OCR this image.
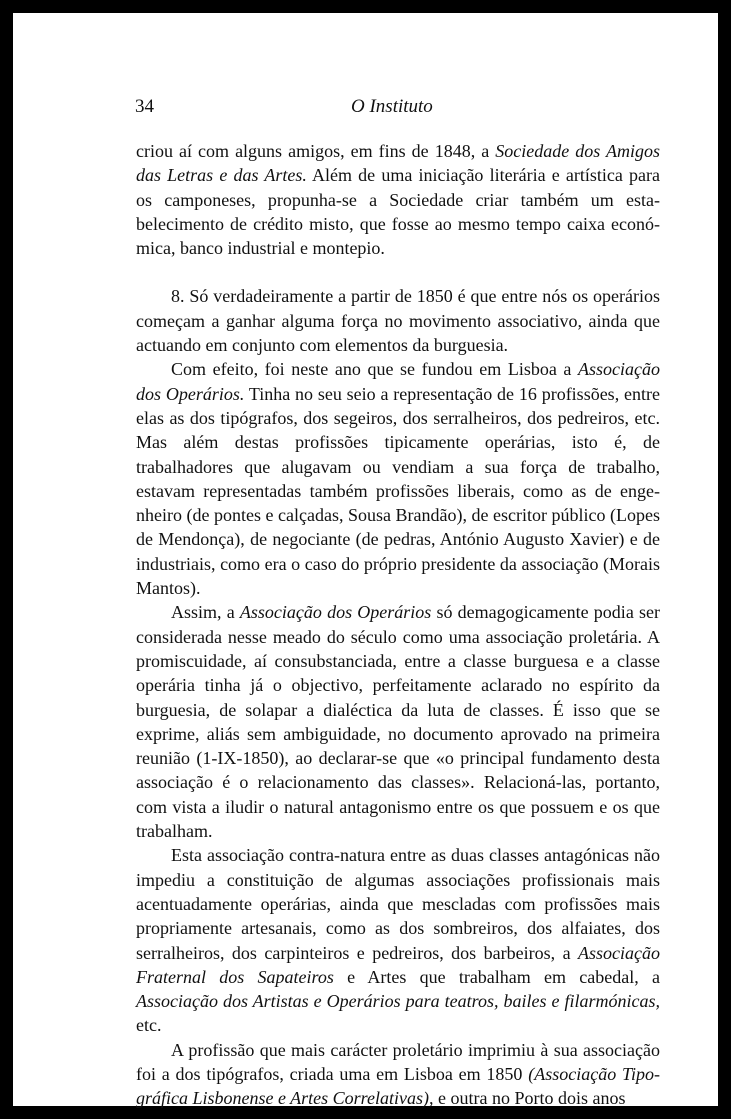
34	O Instituto

criou aí com alguns amigos, em fins de 1848, a Sociedade dos Amigos das Letras e das Artes. Além de uma iniciação literária e artística para os camponeses, propunha-se a Sociedade criar também um estabelecimento de crédito misto, que fosse ao mesmo tempo caixa económica, banco industrial e montepio.

8. Só verdadeiramente a partir de 1850 é que entre nós os operários começam a ganhar alguma força no movimento associativo, ainda que actuando em conjunto com elementos da burguesia.

Com efeito, foi neste ano que se fundou em Lisboa a Associação dos Operários. Tinha no seu seio a representação de 16 profissões, entre elas as dos tipógrafos, dos segeiros, dos serralheiros, dos pedreiros, etc. Mas além destas profissões tipicamente operárias, isto é, de trabalhadores que alugavam ou vendiam a sua força de trabalho, estavam representadas também profissões liberais, como as de engenheiro (de pontes e calçadas, Sousa Brandão), de escritor público (Lopes de Mendonça), de negociante (de pedras, António Augusto Xavier) e de industriais, como era o caso do próprio presidente da associação (Morais Mantos).

Assim, a Associação dos Operários só demagogicamente podia ser considerada nesse meado do século como uma associação proletária. A promiscuidade, aí consubstanciada, entre a classe burguesa e a classe operária tinha já o objectivo, perfeitamente aclarado no espírito da burguesia, de solapar a dialéctica da luta de classes. É isso que se exprime, aliás sem ambiguidade, no documento aprovado na primeira reunião (1-IX-1850), ao declarar-se que «o principal fundamento desta associação é o relacionamento das classes». Relacioná-las, portanto, com vista a iludir o natural antagonismo entre os que possuem e os que trabalham.

Esta associação contra-natura entre as duas classes antagónicas não impediu a constituição de algumas associações profissionais mais acentuadamente operárias, ainda que mescladas com profissões mais propriamente artesanais, como as dos sombreiros, dos alfaiates, dos serralheiros, dos carpinteiros e pedreiros, dos barbeiros, a Associação Fraternal dos Sapateiros e Artes que trabalham em cabedal, a Associação dos Artistas e Operários para teatros, bailes e filarmónicas, etc.

A profissão que mais carácter proletário imprimiu à sua associação foi a dos tipógrafos, criada uma em Lisboa em 1850 (Associação Tipográfica Lisbonense e Artes Correlativas), e outra no Porto dois anos
